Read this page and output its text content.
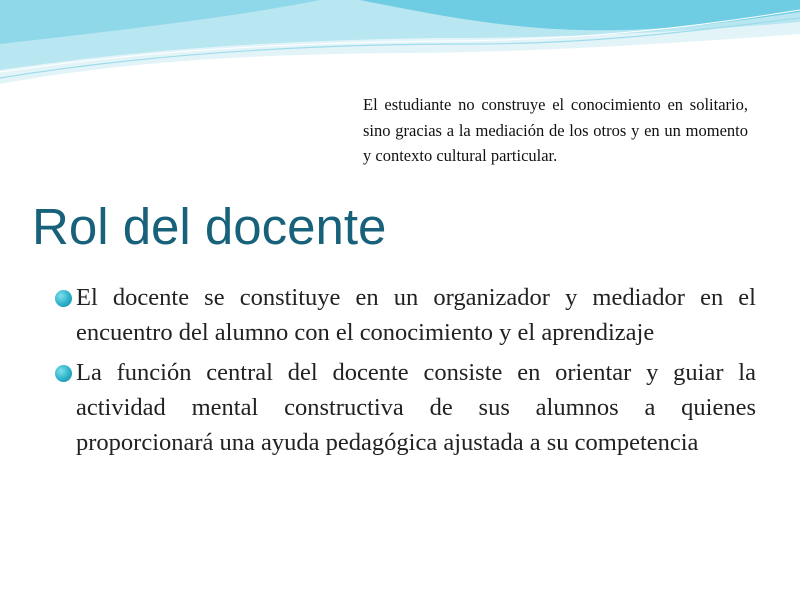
El estudiante no construye el conocimiento en solitario, sino gracias a la mediación de los otros y en un momento y contexto cultural particular.

Rol del docente
El docente se constituye en un organizador y mediador en el encuentro del alumno con el conocimiento y el aprendizaje
La función central del docente consiste en orientar y guiar la actividad mental constructiva de sus alumnos a quienes proporcionará una ayuda pedagógica ajustada a su competencia
